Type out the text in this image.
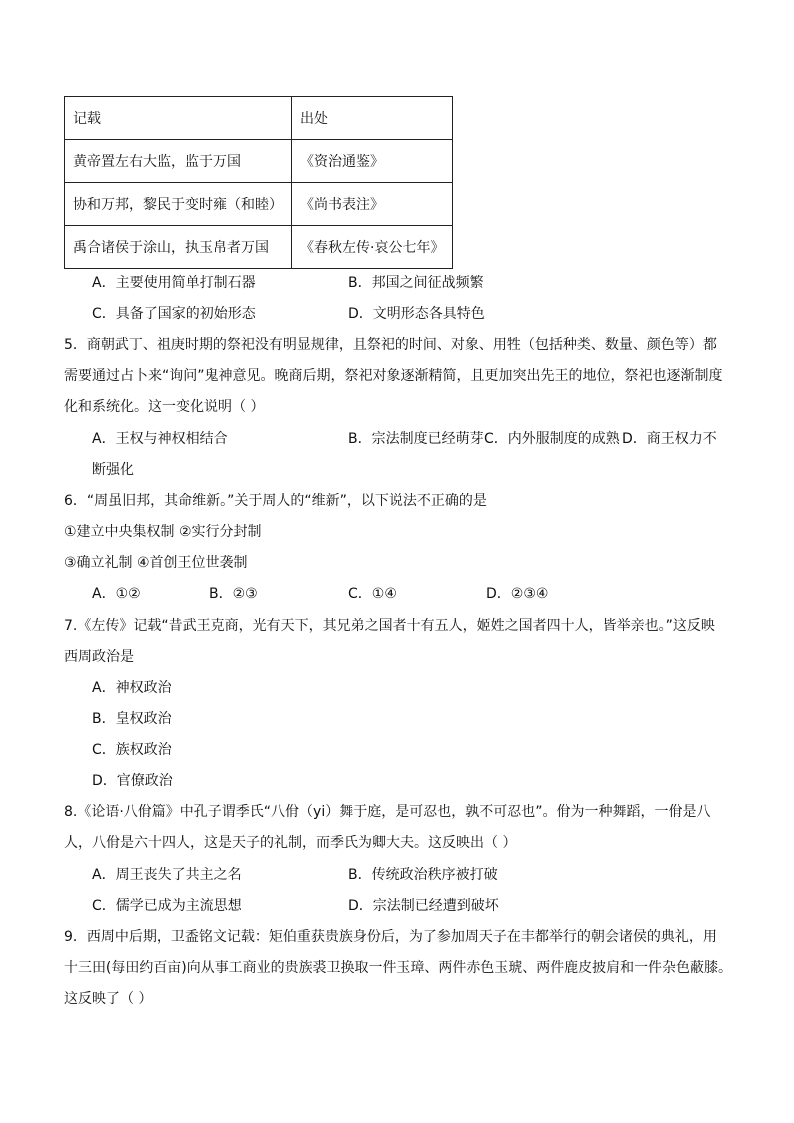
记载	出处
黄帝置左右大监，监于万国	《资治通鉴》
协和万邦，黎民于变时雍（和睦）	《尚书表注》
禹合诸侯于涂山，执玉帛者万国	《春秋左传·哀公七年》
A．主要使用简单打制石器	B．邦国之间征战频繁
C．具备了国家的初始形态	D．文明形态各具特色
5．商朝武丁、祖庚时期的祭祀没有明显规律，且祭祀的时间、对象、用牲（包括种类、数量、颜色等）都
需要通过占卜来“询问”鬼神意见。晚商后期，祭祀对象逐渐精简，且更加突出先王的地位，祭祀也逐渐制度
化和系统化。这一变化说明（ ）
A．王权与神权相结合	B．宗法制度已经萌芽 C．内外服制度的成熟 D．商王权力不
断强化
6．“周虽旧邦，其命维新。”关于周人的“维新”，以下说法不正确的是
①建立中央集权制 ②实行分封制
③确立礼制 ④首创王位世袭制
A．①②	B．②③	C．①④	D．②③④
7.《左传》记载“昔武王克商，光有天下，其兄弟之国者十有五人，姬姓之国者四十人，皆举亲也。”这反映
西周政治是
A．神权政治
B．皇权政治
C．族权政治
D．官僚政治
8.《论语·八佾篇》中孔子谓季氏“八佾（yi）舞于庭，是可忍也，孰不可忍也”。佾为一种舞蹈，一佾是八
人，八佾是六十四人，这是天子的礼制，而季氏为卿大夫。这反映出（ ）
A．周王丧失了共主之名	B．传统政治秩序被打破
C．儒学已成为主流思想	D．宗法制已经遭到破坏
9．西周中后期，卫盉铭文记载：矩伯重获贵族身份后，为了参加周天子在丰都举行的朝会诸侯的典礼，用
十三田(每田约百亩)向从事工商业的贵族裘卫换取一件玉璋、两件赤色玉琥、两件鹿皮披肩和一件杂色蔽膝。
这反映了（ ）
